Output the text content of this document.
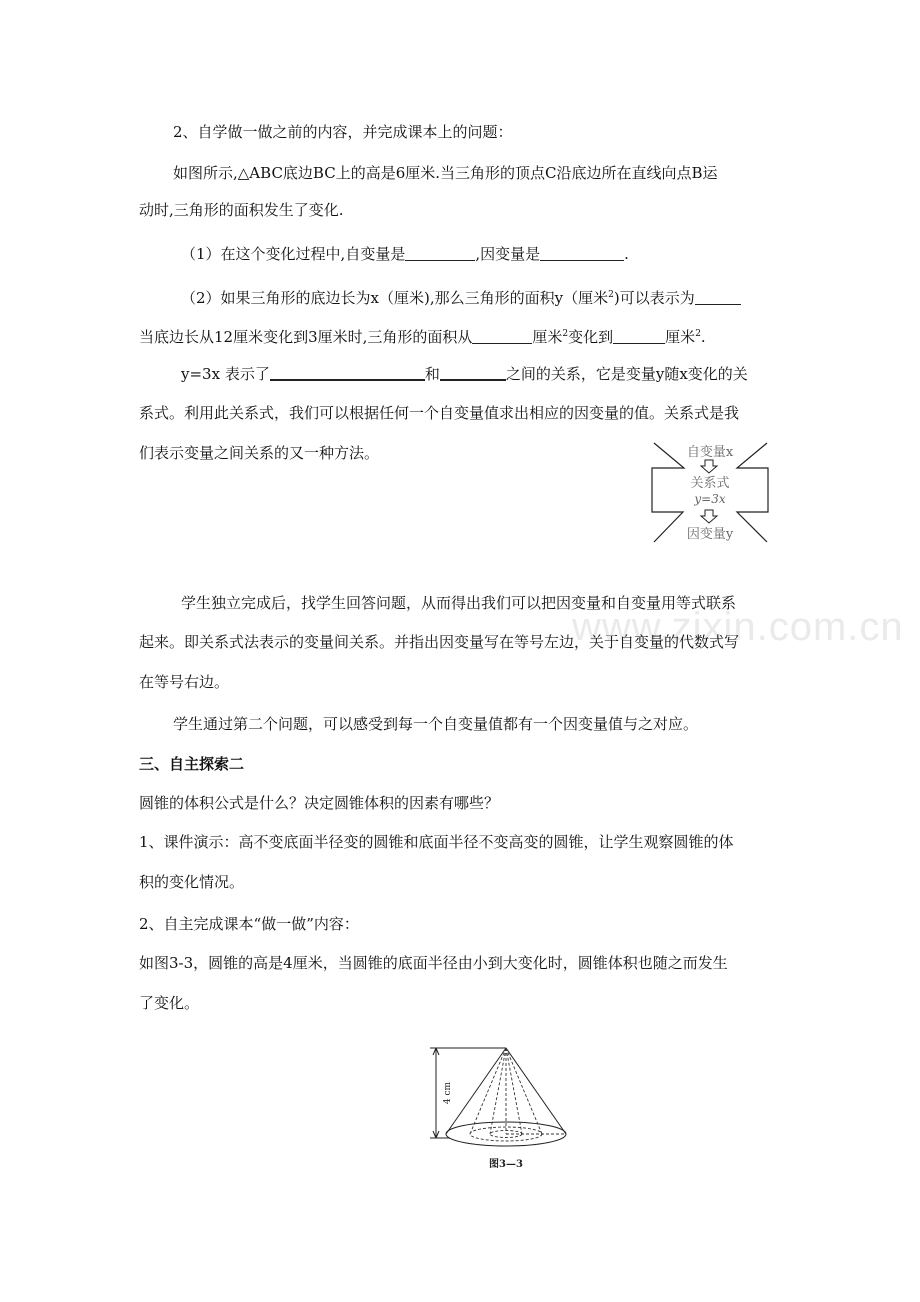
www.zixin.com.cn
2、自学做一做之前的内容，并完成课本上的问题：
如图所示,△ABC底边BC上的高是6厘米.当三角形的顶点C沿底边所在直线向点B运
动时,三角形的面积发生了变化.
（1）在这个变化过程中,自变量是	,因变量是	.
（2）如果三角形的底边长为x（厘米),那么三角形的面积y（厘米$^2$)可以表示为
当底边长从12厘米变化到3厘米时,三角形的面积从	厘米$^2$变化到	厘米$^2$.
y=3x 表示了	和	之间的关系，它是变量y随x变化的关
系式。利用此关系式，我们可以根据任何一个自变量值求出相应的因变量的值。关系式是我
们表示变量之间关系的又一种方法。	自变量x
关系式
y=3x
因变量y
学生独立完成后，找学生回答问题，从而得出我们可以把因变量和自变量用等式联系
起来。即关系式法表示的变量间关系。并指出因变量写在等号左边，关于自变量的代数式写
在等号右边。
学生通过第二个问题，可以感受到每一个自变量值都有一个因变量值与之对应。
三、自主探索二
圆锥的体积公式是什么？决定圆锥体积的因素有哪些？
1、课件演示：高不变底面半径变的圆锥和底面半径不变高变的圆锥，让学生观察圆锥的体
积的变化情况。
2、自主完成课本“做一做”内容：
如图3-3，圆锥的高是4厘米，当圆锥的底面半径由小到大变化时，圆锥体积也随之而发生
了变化。
4 cm
图3—3
